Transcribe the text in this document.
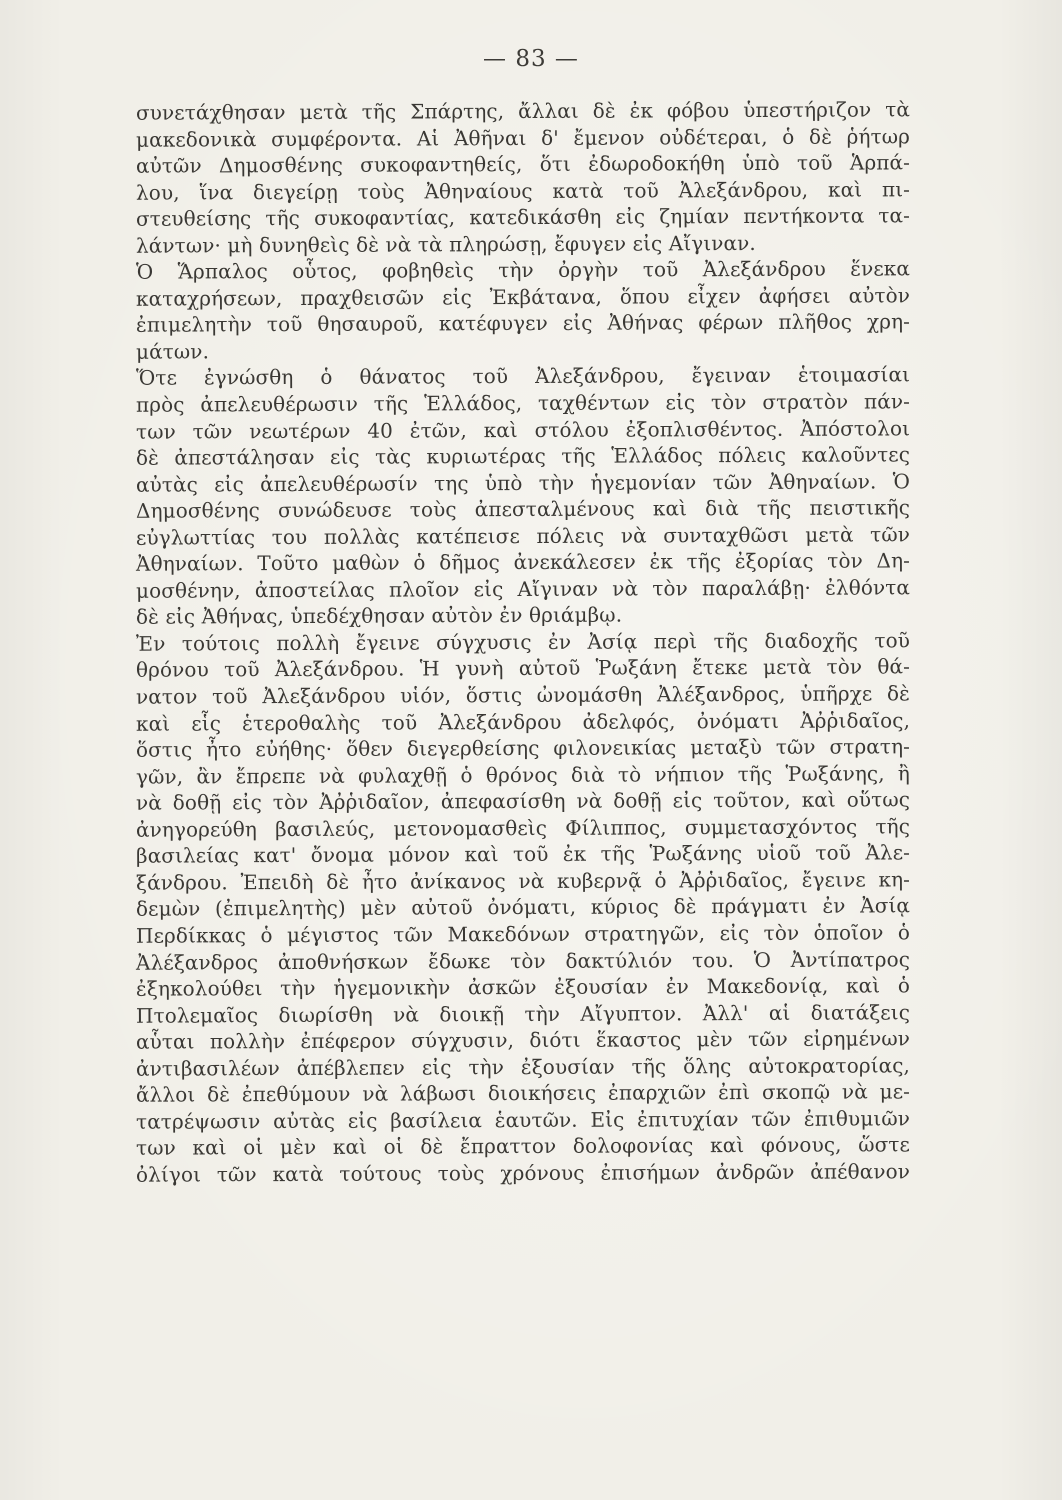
— 83 —
συνετάχθησαν μετὰ τῆς Σπάρτης, ἄλλαι δὲ ἐκ φόβου ὑπεστήριζον τὰ
μακεδονικὰ συμφέροντα. Αἱ Ἀθῆναι δ' ἔμενον οὐδέτεραι, ὁ δὲ ῥήτωρ
αὐτῶν Δημοσθένης συκοφαντηθείς, ὅτι ἐδωροδοκήθη ὑπὸ τοῦ Ἁρπά-
λου, ἵνα διεγείρῃ τοὺς Ἀθηναίους κατὰ τοῦ Ἀλεξάνδρου, καὶ πι-
στευθείσης τῆς συκοφαντίας, κατεδικάσθη εἰς ζημίαν πεντήκοντα τα-
λάντων· μὴ δυνηθεὶς δὲ νὰ τὰ πληρώσῃ, ἔφυγεν εἰς Αἴγιναν.
Ὁ Ἅρπαλος οὗτος, φοβηθεὶς τὴν ὀργὴν τοῦ Ἀλεξάνδρου ἕνεκα
καταχρήσεων, πραχθεισῶν εἰς Ἐκβάτανα, ὅπου εἶχεν ἀφήσει αὐτὸν
ἐπιμελητὴν τοῦ θησαυροῦ, κατέφυγεν εἰς Ἀθήνας φέρων πλῆθος χρη-
μάτων.
Ὅτε ἐγνώσθη ὁ θάνατος τοῦ Ἀλεξάνδρου, ἔγειναν ἑτοιμασίαι
πρὸς ἀπελευθέρωσιν τῆς Ἑλλάδος, ταχθέντων εἰς τὸν στρατὸν πάν-
των τῶν νεωτέρων 40 ἐτῶν, καὶ στόλου ἐξοπλισθέντος. Ἀπόστολοι
δὲ ἀπεστάλησαν εἰς τὰς κυριωτέρας τῆς Ἑλλάδος πόλεις καλοῦντες
αὐτὰς εἰς ἀπελευθέρωσίν της ὑπὸ τὴν ἡγεμονίαν τῶν Ἀθηναίων. Ὁ
Δημοσθένης συνώδευσε τοὺς ἀπεσταλμένους καὶ διὰ τῆς πειστικῆς
εὐγλωττίας του πολλὰς κατέπεισε πόλεις νὰ συνταχθῶσι μετὰ τῶν
Ἀθηναίων. Τοῦτο μαθὼν ὁ δῆμος ἀνεκάλεσεν ἐκ τῆς ἐξορίας τὸν Δη-
μοσθένην, ἀποστείλας πλοῖον εἰς Αἴγιναν νὰ τὸν παραλάβῃ· ἐλθόντα
δὲ εἰς Ἀθήνας, ὑπεδέχθησαν αὐτὸν ἐν θριάμβῳ.
Ἐν τούτοις πολλὴ ἔγεινε σύγχυσις ἐν Ἀσίᾳ περὶ τῆς διαδοχῆς τοῦ
θρόνου τοῦ Ἀλεξάνδρου. Ἡ γυνὴ αὐτοῦ Ῥωξάνη ἔτεκε μετὰ τὸν θά-
νατον τοῦ Ἀλεξάνδρου υἱόν, ὅστις ὠνομάσθη Ἀλέξανδρος, ὑπῆρχε δὲ
καὶ εἷς ἑτεροθαλὴς τοῦ Ἀλεξάνδρου ἀδελφός, ὀνόματι Ἀῤῥιδαῖος,
ὅστις ἦτο εὐήθης· ὅθεν διεγερθείσης φιλονεικίας μεταξὺ τῶν στρατη-
γῶν, ἂν ἔπρεπε νὰ φυλαχθῇ ὁ θρόνος διὰ τὸ νήπιον τῆς Ῥωξάνης, ἢ
νὰ δοθῇ εἰς τὸν Ἀῤῥιδαῖον, ἀπεφασίσθη νὰ δοθῇ εἰς τοῦτον, καὶ οὕτως
ἀνηγορεύθη βασιλεύς, μετονομασθεὶς Φίλιππος, συμμετασχόντος τῆς
βασιλείας κατ' ὄνομα μόνον καὶ τοῦ ἐκ τῆς Ῥωξάνης υἱοῦ τοῦ Ἀλε-
ξάνδρου. Ἐπειδὴ δὲ ἦτο ἀνίκανος νὰ κυβερνᾷ ὁ Ἀῤῥιδαῖος, ἔγεινε κη-
δεμὼν (ἐπιμελητὴς) μὲν αὐτοῦ ὀνόματι, κύριος δὲ πράγματι ἐν Ἀσίᾳ
Περδίκκας ὁ μέγιστος τῶν Μακεδόνων στρατηγῶν, εἰς τὸν ὁποῖον ὁ
Ἀλέξανδρος ἀποθνήσκων ἔδωκε τὸν δακτύλιόν του. Ὁ Ἀντίπατρος
ἐξηκολούθει τὴν ἡγεμονικὴν ἀσκῶν ἐξουσίαν ἐν Μακεδονίᾳ, καὶ ὁ
Πτολεμαῖος διωρίσθη νὰ διοικῇ τὴν Αἴγυπτον. Ἀλλ' αἱ διατάξεις
αὗται πολλὴν ἐπέφερον σύγχυσιν, διότι ἕκαστος μὲν τῶν εἰρημένων
ἀντιβασιλέων ἀπέβλεπεν εἰς τὴν ἐξουσίαν τῆς ὅλης αὐτοκρατορίας,
ἄλλοι δὲ ἐπεθύμουν νὰ λάβωσι διοικήσεις ἐπαρχιῶν ἐπὶ σκοπῷ νὰ με-
τατρέψωσιν αὐτὰς εἰς βασίλεια ἑαυτῶν. Εἰς ἐπιτυχίαν τῶν ἐπιθυμιῶν
των καὶ οἱ μὲν καὶ οἱ δὲ ἔπραττον δολοφονίας καὶ φόνους, ὥστε
ὀλίγοι τῶν κατὰ τούτους τοὺς χρόνους ἐπισήμων ἀνδρῶν ἀπέθανον
